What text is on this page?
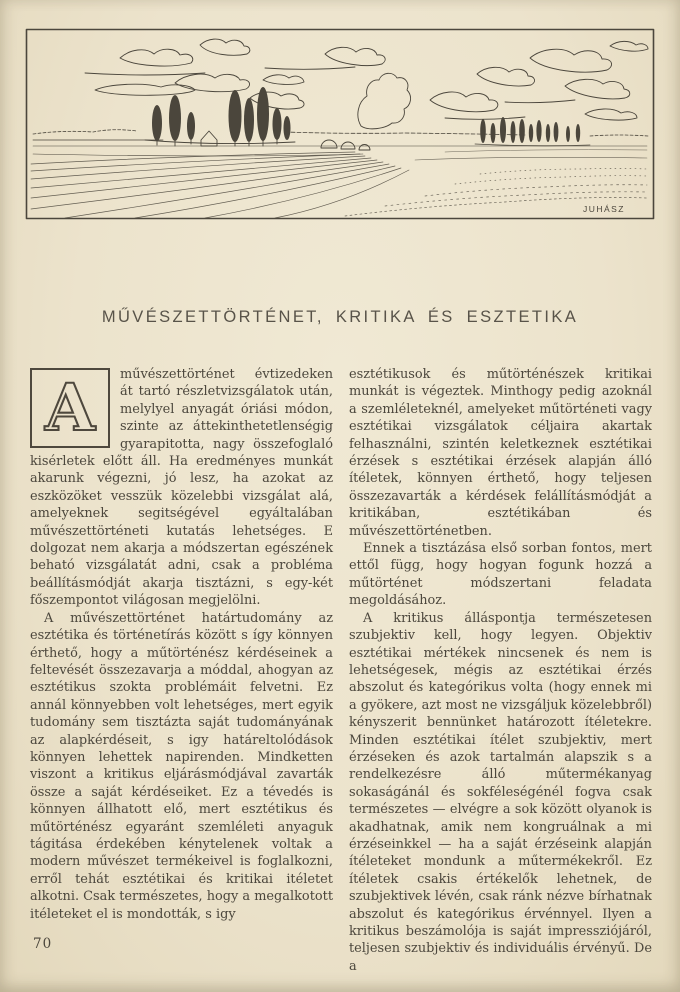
JUHÁSZ
MŰVÉSZETTÖRTÉNET, KRITIKA ÉS ESZTETIKA

A művészettörténet évtizedeken át tartó részletvizsgálatok után, melylyel anyagát óriási módon, szinte az áttekinthetetlenségig gyarapitotta, nagy összefoglaló kisérletek előtt áll. Ha eredményes munkát akarunk végezni, jó lesz, ha azokat az eszközöket vesszük közelebbi vizsgálat alá, amelyeknek segitségével egyáltalában művészettörténeti kutatás lehetséges. E dolgozat nem akarja a módszertan egészének beható vizsgálatát adni, csak a probléma beállításmódját akarja tisztázni, s egy-két főszempontot világosan megjelölni.

A művészettörténet határtudomány az esztétika és történetírás között s így könnyen érthető, hogy a műtörténész kérdéseinek a feltevését összezavarja a móddal, ahogyan az esztétikus szokta problémáit felvetni. Ez annál könnyebben volt lehetséges, mert egyik tudomány sem tisztázta saját tudományának az alapkérdéseit, s igy határeltolódások könnyen lehettek napirenden. Mindketten viszont a kritikus eljárásmódjával zavarták össze a saját kérdéseiket. Ez a tévedés is könnyen állhatott elő, mert esztétikus és műtörténész egyaránt szemléleti anyaguk tágitása érdekében kénytelenek voltak a modern művészet termékeivel is foglalkozni, erről tehát esztétikai és kritikai itéletet alkotni. Csak természetes, hogy a megalkotott itéleteket el is mondották, s igy

esztétikusok és műtörténészek kritikai munkát is végeztek. Minthogy pedig azoknál a szemléleteknél, amelyeket műtörténeti vagy esztétikai vizsgálatok céljaira akartak felhasználni, szintén keletkeznek esztétikai érzések s esztétikai érzések alapján álló ítéletek, könnyen érthető, hogy teljesen összezavarták a kérdések felállításmódját a kritikában, esztétikában és művészettörténetben.

Ennek a tisztázása első sorban fontos, mert ettől függ, hogy hogyan fogunk hozzá a műtörténet módszertani feladata megoldásához.

A kritikus álláspontja természetesen szubjektiv kell, hogy legyen. Objektiv esztétikai mértékek nincsenek és nem is lehetségesek, mégis az esztétikai érzés abszolut és kategórikus volta (hogy ennek mi a gyökere, azt most ne vizsgáljuk közelebbről) kényszerit bennünket határozott ítéletekre. Minden esztétikai ítélet szubjektiv, mert érzéseken és azok tartalmán alapszik s a rendelkezésre álló műtermékanyag sokaságánál és sokféleségénél fogva csak természetes — elvégre a sok között olyanok is akadhatnak, amik nem kongruálnak a mi érzéseinkkel — ha a saját érzéseink alapján ítéleteket mondunk a műtermékekről. Ez ítéletek csakis értékelők lehetnek, de szubjektivek lévén, csak ránk nézve bírhatnak abszolut és kategórikus érvénnyel. Ilyen a kritikus beszámolója is saját impressziójáról, teljesen szubjektiv és individuális érvényű. De a

70
